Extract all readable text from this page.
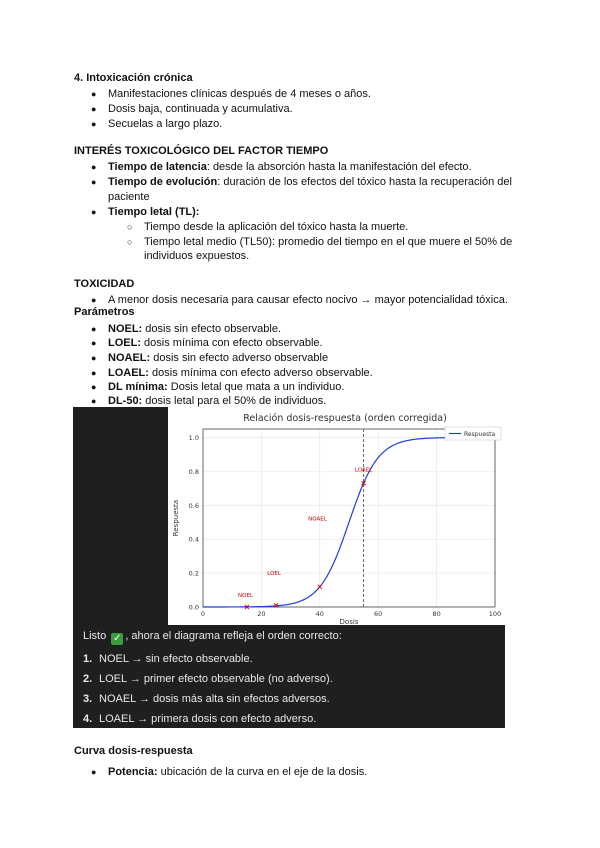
4. Intoxicación crónica
● Manifestaciones clínicas después de 4 meses o años.
● Dosis baja, continuada y acumulativa.
● Secuelas a largo plazo.
INTERÉS TOXICOLÓGICO DEL FACTOR TIEMPO
● Tiempo de latencia: desde la absorción hasta la manifestación del efecto.
● Tiempo de evolución: duración de los efectos del tóxico hasta la recuperación del
paciente
● Tiempo letal (TL):
○ Tiempo desde la aplicación del tóxico hasta la muerte.
○ Tiempo letal medio (TL50): promedio del tiempo en el que muere el 50% de
individuos expuestos.
TOXICIDAD
● A menor dosis necesaria para causar efecto nocivo → mayor potencialidad tóxica.
Parámetros
● NOEL: dosis sin efecto observable.
● LOEL: dosis mínima con efecto observable.
● NOAEL: dosis sin efecto adverso observable
● LOAEL: dosis mínima con efecto adverso observable.
● DL mínima: Dosis letal que mata a un individuo.
● DL-50: dosis letal para el 50% de individuos.
Relación dosis-respuesta (orden corregida)
0	20	40	60	80	100
0.0
0.2
0.4
0.6
0.8
1.0
NOEL
LOEL
NOAEL
LOAEL
Dosis
Respuesta
Respuesta
Listo ✓ , ahora el diagrama refleja el orden correcto:
1. NOEL → sin efecto observable.
2. LOEL → primer efecto observable (no adverso).
3. NOAEL → dosis más alta sin efectos adversos.
4. LOAEL → primera dosis con efecto adverso.
Curva dosis-respuesta
● Potencia: ubicación de la curva en el eje de la dosis.
